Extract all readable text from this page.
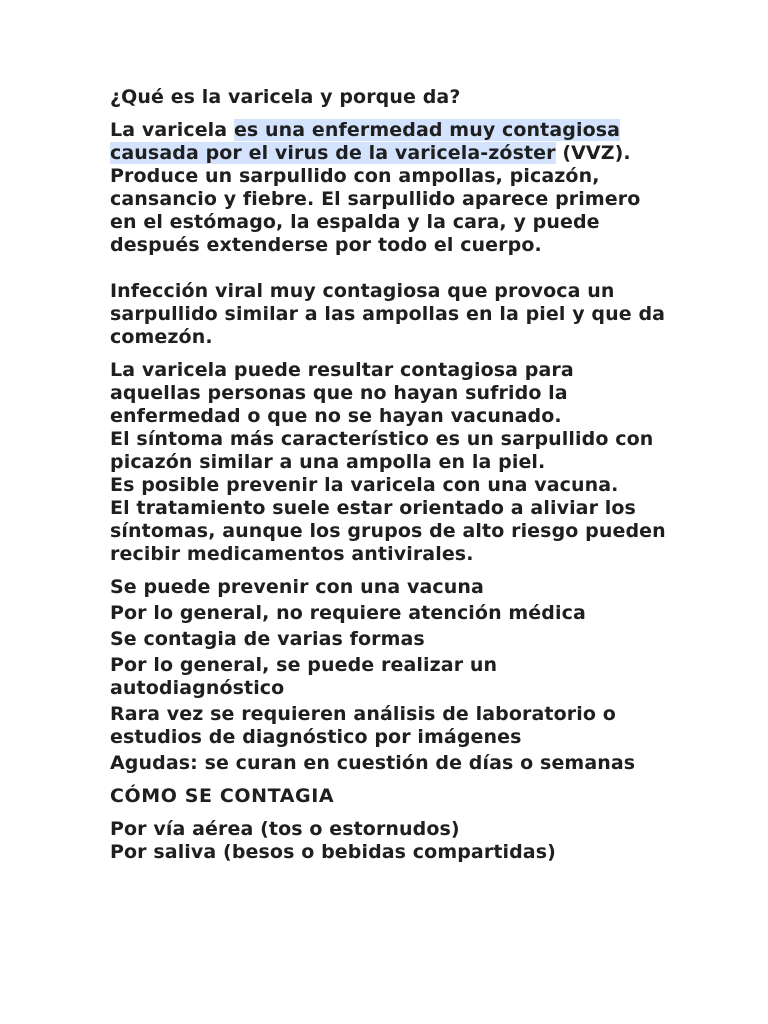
¿Qué es la varicela y porque da?

La varicela es una enfermedad muy contagiosa causada por el virus de la varicela-zóster (VVZ). Produce un sarpullido con ampollas, picazón, cansancio y fiebre. El sarpullido aparece primero en el estómago, la espalda y la cara, y puede después extenderse por todo el cuerpo.

Infección viral muy contagiosa que provoca un sarpullido similar a las ampollas en la piel y que da comezón.

La varicela puede resultar contagiosa para aquellas personas que no hayan sufrido la enfermedad o que no se hayan vacunado.

El síntoma más característico es un sarpullido con picazón similar a una ampolla en la piel.

Es posible prevenir la varicela con una vacuna.

El tratamiento suele estar orientado a aliviar los síntomas, aunque los grupos de alto riesgo pueden recibir medicamentos antivirales.

Se puede prevenir con una vacuna

Por lo general, no requiere atención médica

Se contagia de varias formas

Por lo general, se puede realizar un autodiagnóstico

Rara vez se requieren análisis de laboratorio o estudios de diagnóstico por imágenes

Agudas: se curan en cuestión de días o semanas

CÓMO SE CONTAGIA

Por vía aérea (tos o estornudos)

Por saliva (besos o bebidas compartidas)
